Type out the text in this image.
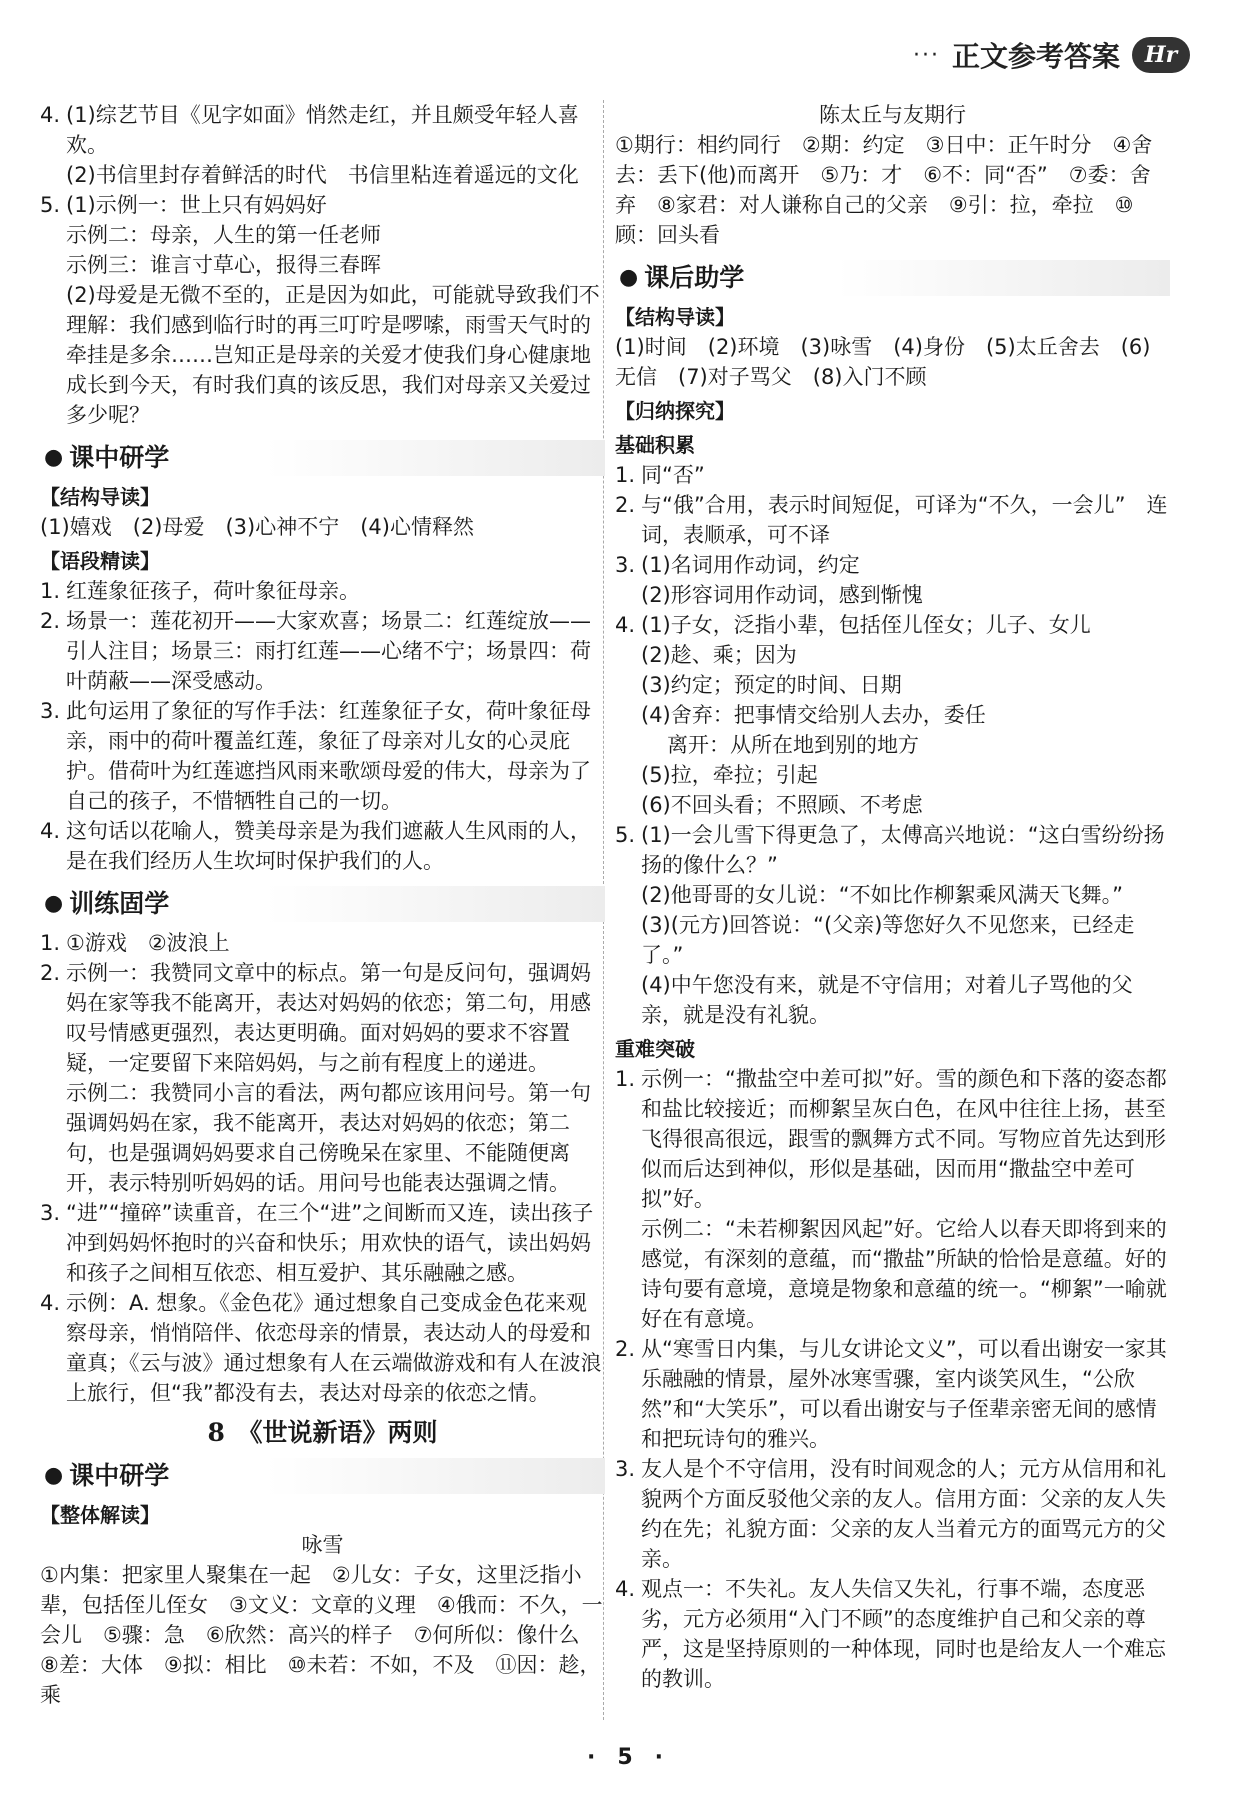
··· 正文参考答案	Hr
4. (1)综艺节目《见字如面》悄然走红，并且颇受年轻人喜欢。
(2)书信里封存着鲜活的时代　书信里粘连着遥远的文化
5. (1)示例一：世上只有妈妈好
示例二：母亲，人生的第一任老师
示例三：谁言寸草心，报得三春晖
(2)母爱是无微不至的，正是因为如此，可能就导致我们不理解：我们感到临行时的再三叮咛是啰嗦，雨雪天气时的牵挂是多余……岂知正是母亲的关爱才使我们身心健康地成长到今天，有时我们真的该反思，我们对母亲又关爱过多少呢？
● 课中研学
【结构导读】
(1)嬉戏　(2)母爱　(3)心神不宁　(4)心情释然
【语段精读】
1. 红莲象征孩子，荷叶象征母亲。
2. 场景一：莲花初开——大家欢喜；场景二：红莲绽放——引人注目；场景三：雨打红莲——心绪不宁；场景四：荷叶荫蔽——深受感动。
3. 此句运用了象征的写作手法：红莲象征子女，荷叶象征母亲，雨中的荷叶覆盖红莲，象征了母亲对儿女的心灵庇护。借荷叶为红莲遮挡风雨来歌颂母爱的伟大，母亲为了自己的孩子，不惜牺牲自己的一切。
4. 这句话以花喻人，赞美母亲是为我们遮蔽人生风雨的人，是在我们经历人生坎坷时保护我们的人。
● 训练固学
1. ①游戏　②波浪上
2. 示例一：我赞同文章中的标点。第一句是反问句，强调妈妈在家等我不能离开，表达对妈妈的依恋；第二句，用感叹号情感更强烈，表达更明确。面对妈妈的要求不容置疑，一定要留下来陪妈妈，与之前有程度上的递进。
示例二：我赞同小言的看法，两句都应该用问号。第一句强调妈妈在家，我不能离开，表达对妈妈的依恋；第二句，也是强调妈妈要求自己傍晚呆在家里、不能随便离开，表示特别听妈妈的话。用问号也能表达强调之情。
3. “进”“撞碎”读重音，在三个“进”之间断而又连，读出孩子冲到妈妈怀抱时的兴奋和快乐；用欢快的语气，读出妈妈和孩子之间相互依恋、相互爱护、其乐融融之感。
4. 示例：A. 想象。《金色花》通过想象自己变成金色花来观察母亲，悄悄陪伴、依恋母亲的情景，表达动人的母爱和童真；《云与波》通过想象有人在云端做游戏和有人在波浪上旅行，但“我”都没有去，表达对母亲的依恋之情。
8　《世说新语》两则
● 课中研学
【整体解读】
咏雪
①内集：把家里人聚集在一起　②儿女：子女，这里泛指小辈，包括侄儿侄女　③文义：文章的义理　④俄而：不久，一会儿　⑤骤：急　⑥欣然：高兴的样子　⑦何所似：像什么　⑧差：大体　⑨拟：相比　⑩未若：不如，不及　⑪因：趁，乘
陈太丘与友期行
①期行：相约同行　②期：约定　③日中：正午时分　④舍去：丢下(他)而离开　⑤乃：才　⑥不：同“否”　⑦委：舍弃　⑧家君：对人谦称自己的父亲　⑨引：拉，牵拉　⑩顾：回头看
● 课后助学
【结构导读】
(1)时间　(2)环境　(3)咏雪　(4)身份　(5)太丘舍去　(6)无信　(7)对子骂父　(8)入门不顾
【归纳探究】
基础积累
1. 同“否”
2. 与“俄”合用，表示时间短促，可译为“不久，一会儿”　连词，表顺承，可不译
3. (1)名词用作动词，约定
(2)形容词用作动词，感到惭愧
4. (1)子女，泛指小辈，包括侄儿侄女；儿子、女儿
(2)趁、乘；因为
(3)约定；预定的时间、日期
(4)舍弃：把事情交给别人去办，委任
离开：从所在地到别的地方
(5)拉，牵拉；引起
(6)不回头看；不照顾、不考虑
5. (1)一会儿雪下得更急了，太傅高兴地说：“这白雪纷纷扬扬的像什么？”
(2)他哥哥的女儿说：“不如比作柳絮乘风满天飞舞。”
(3)(元方)回答说：“(父亲)等您好久不见您来，已经走了。”
(4)中午您没有来，就是不守信用；对着儿子骂他的父亲，就是没有礼貌。
重难突破
1. 示例一：“撒盐空中差可拟”好。雪的颜色和下落的姿态都和盐比较接近；而柳絮呈灰白色，在风中往往上扬，甚至飞得很高很远，跟雪的飘舞方式不同。写物应首先达到形似而后达到神似，形似是基础，因而用“撒盐空中差可拟”好。
示例二：“未若柳絮因风起”好。它给人以春天即将到来的感觉，有深刻的意蕴，而“撒盐”所缺的恰恰是意蕴。好的诗句要有意境，意境是物象和意蕴的统一。“柳絮”一喻就好在有意境。
2. 从“寒雪日内集，与儿女讲论文义”，可以看出谢安一家其乐融融的情景，屋外冰寒雪骤，室内谈笑风生，“公欣然”和“大笑乐”，可以看出谢安与子侄辈亲密无间的感情和把玩诗句的雅兴。
3. 友人是个不守信用，没有时间观念的人；元方从信用和礼貌两个方面反驳他父亲的友人。信用方面：父亲的友人失约在先；礼貌方面：父亲的友人当着元方的面骂元方的父亲。
4. 观点一：不失礼。友人失信又失礼，行事不端，态度恶劣，元方必须用“入门不顾”的态度维护自己和父亲的尊严，这是坚持原则的一种体现，同时也是给友人一个难忘的教训。
·　5　·
